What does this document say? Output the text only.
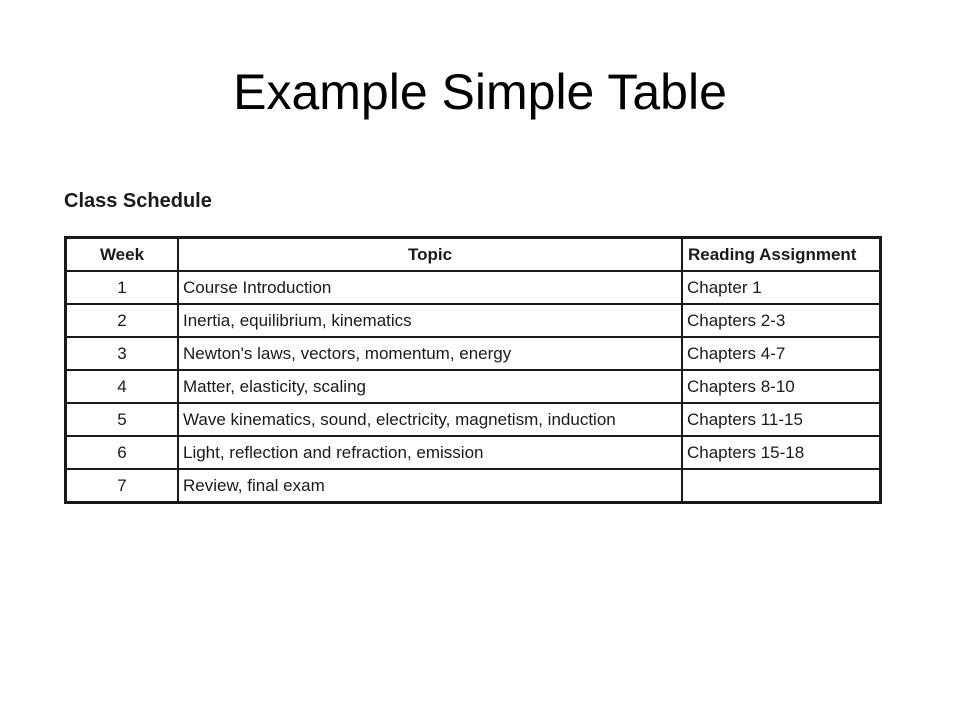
Example Simple Table
Class Schedule
Week	Topic	Reading Assignment
1	Course Introduction	Chapter 1
2	Inertia, equilibrium, kinematics	Chapters 2-3
3	Newton's laws, vectors, momentum, energy	Chapters 4-7
4	Matter, elasticity, scaling	Chapters 8-10
5	Wave kinematics, sound, electricity, magnetism, induction	Chapters 11-15
6	Light, reflection and refraction, emission	Chapters 15-18
7	Review, final exam	
